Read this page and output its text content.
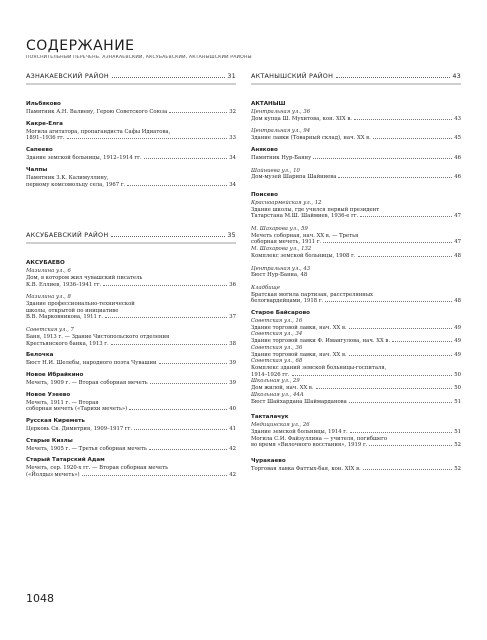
СОДЕРЖАНИЕ
ПОЯСНИТЕЛЬНЫЙ ПЕРЕЧЕНЬ. АЗНАКАЕВСКИЙ, АКСУБАЕВСКИЙ, АКТАНЫШСКИЙ РАЙОНЫ
АЗНАКАЕВСКИЙ РАЙОН	31
Ильбяково
Памятник А.Н. Валиеву, Герою Советского Союза	32
Какре-Елга
Могила агитатора, пропагандиста Сафы Идиатова,
1891–1936 гг.	33
Сапеево
Здание земской больницы, 1912–1914 гг.	34
Чалпы
Памятник З.К. Калимуллину,
первому комсомольцу села, 1967 г.	34
АКСУБАЕВСКИЙ РАЙОН	35
АКСУБАЕВО
Мазилина ул., 6
Дом, в котором жил чувашский писатель
К.В. Еллиев, 1936–1941 гг.	36
Мазилина ул., 8
Здание профессионально-технической
школы, открытой по инициативе
В.В. Марковникова, 1911 г.	37
Советская ул., 7
Баня, 1913 г. — Здание Чистопольского отделения
Крестьянского банка, 1913 г.	38
Белочка
Бюст Н.И. Шелебы, народного поэта Чувашии	39
Новое Ибрайкино
Мечеть, 1909 г. — Вторая соборная мечеть	39
Новое Узеево
Мечеть, 1911 г. — Вторая
соборная мечеть («Тарихи мечеть»)	40
Русская Киреметь
Церковь Св. Димитрия, 1909–1917 гг.	41
Старые Кизлы
Мечеть, 1905 г. — Третья соборная мечеть	42
Старый Татарский Адам
Мечеть, сер. 1920-х гг. — Вторая соборная мечеть
(«Йолдыз мечеть»)	42
АКТАНЫШСКИЙ РАЙОН	43
АКТАНЫШ
Центральная ул., 36
Дом купца Ш. Мухитова, кон. XIX в.	43
Центральная ул., 94
Здание лавки (Товарный склад), нач. XX в.	45
Аняково
Памятник Нур-Баяну	46
Шайниева ул., 10
Дом-музей Шарипа Шайниева	46
Поисево
Красноармейская ул., 12
Здание школы, где учился первый президент
Татарстана М.Ш. Шаймиев, 1936-е гг.	47
М. Шахарова ул., 59
Мечеть соборная, нач. XX в. — Третья
соборная мечеть, 1911 г.	47
М. Шахарова ул., 132
Комплекс земской больницы, 1908 г.	48
Центральная ул., 43
Бюст Нур-Баяна, 48
Кладбище
Братская могила партизан, расстрелянных
белогвардейцами, 1918 г.	48
Старое Байсарово
Советская ул., 16
Здание торговой лавки, нач. XX в.	49
Советская ул., 34
Здание торговой лавки Ф. Имангулова, нач. XX в.	49
Советская ул., 36
Здание торговой лавки, нач. XX в.	49
Советская ул., 68
Комплекс зданий земской больницы-госпиталя,
1914–1926 гг.	50
Школьная ул., 29
Дом жилой, нач. XX в.	50
Школьная ул., 44А
Бюст Шайхардана Шаймарданова	51
Такталачук
Медицинская ул., 26
Здание земской больницы, 1914 г.	51
Могила С.И. Файзуллина — учителя, погибшего
во время «Вилочного восстания», 1919 г.	52
Чуракаево
Торговая лавка Фаттых-бая, кон. XIX в.	52
1048
